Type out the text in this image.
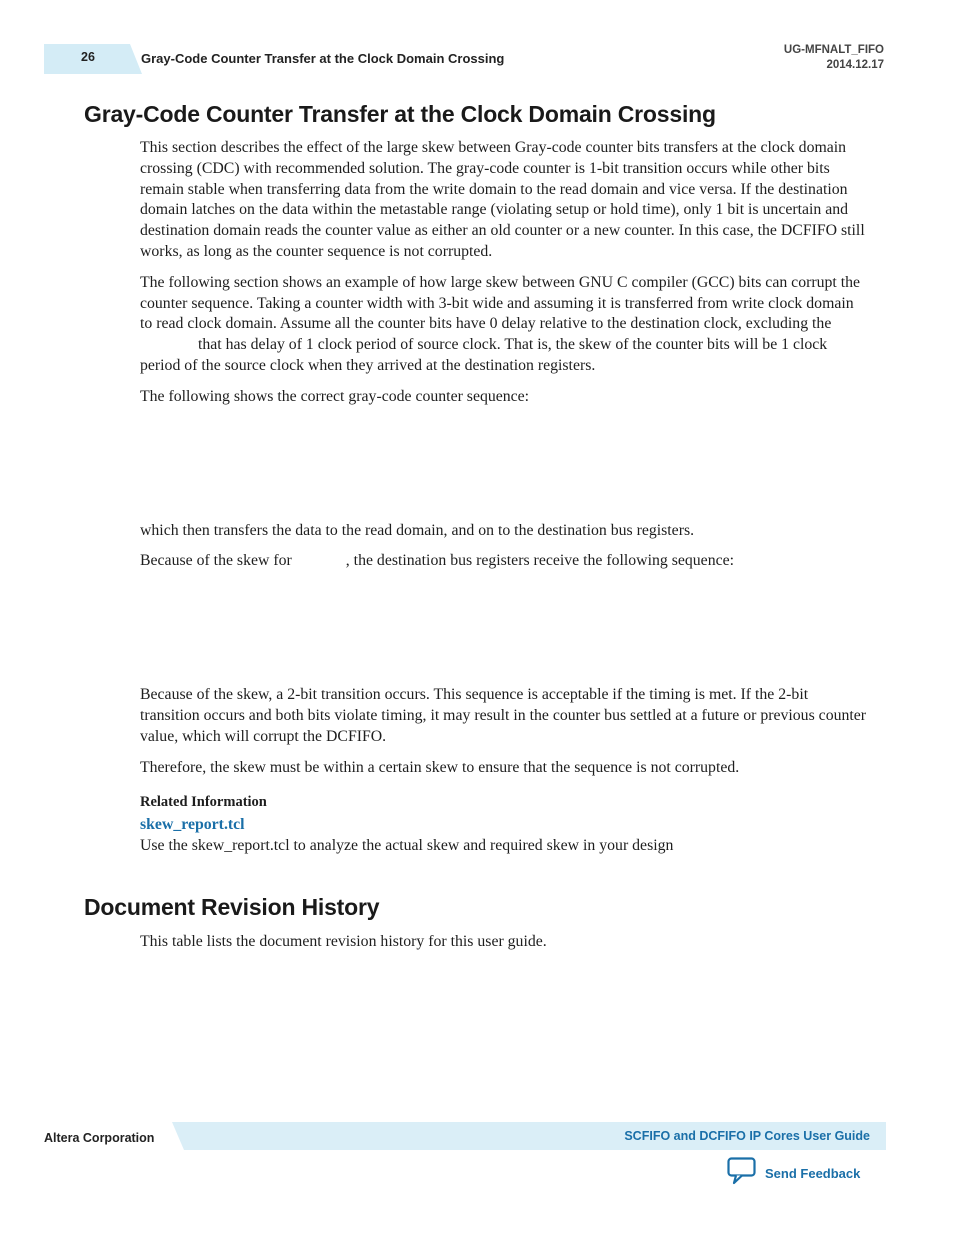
26	Gray-Code Counter Transfer at the Clock Domain Crossing
UG-MFNALT_FIFO
2014.12.17
Gray-Code Counter Transfer at the Clock Domain Crossing

This section describes the effect of the large skew between Gray-code counter bits transfers at the clock domain crossing (CDC) with recommended solution. The gray-code counter is 1-bit transition occurs while other bits remain stable when transferring data from the write domain to the read domain and vice versa. If the destination domain latches on the data within the metastable range (violating setup or hold time), only 1 bit is uncertain and destination domain reads the counter value as either an old counter or a new counter. In this case, the DCFIFO still works, as long as the counter sequence is not corrupted.

The following section shows an example of how large skew between GNU C compiler (GCC) bits can corrupt the counter sequence. Taking a counter width with 3-bit wide and assuming it is transferred from write clock domain to read clock domain. Assume all the counter bits have 0 delay relative to the destination clock, excluding thethat has delay of 1 clock period of source clock. That is, the skew of the counter bits will be 1 clock period of the source clock when they arrived at the destination registers.

The following shows the correct gray-code counter sequence:

which then transfers the data to the read domain, and on to the destination bus registers.

Because of the skew for	, the destination bus registers receive the following sequence:

Because of the skew, a 2-bit transition occurs. This sequence is acceptable if the timing is met. If the 2-bit transition occurs and both bits violate timing, it may result in the counter bus settled at a future or previous counter value, which will corrupt the DCFIFO.

Therefore, the skew must be within a certain skew to ensure that the sequence is not corrupted.

Related Information

skew_report.tcl

Use the skew_report.tcl to analyze the actual skew and required skew in your design

Document Revision History

This table lists the document revision history for this user guide.

Altera Corporation	SCFIFO and DCFIFO IP Cores User Guide
Send Feedback
